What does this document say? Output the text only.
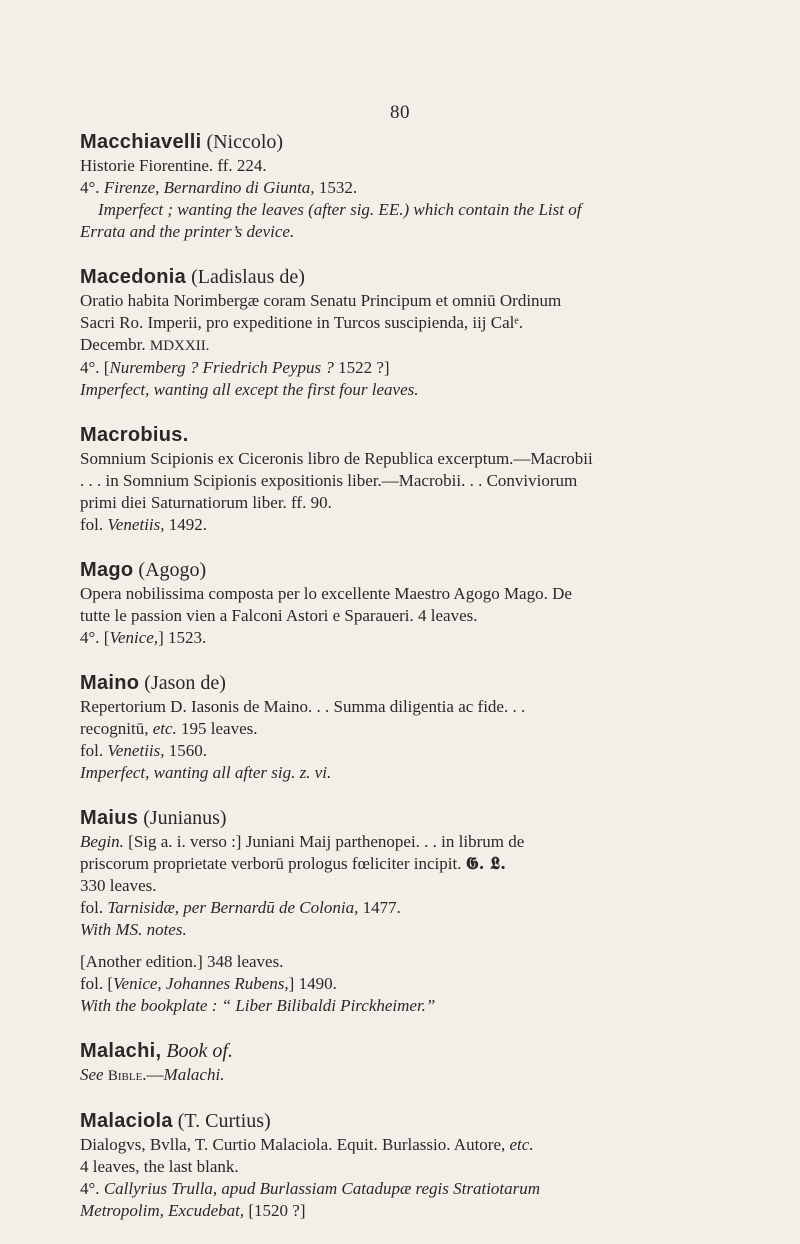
80

Macchiavelli (Niccolo)

Historie Fiorentine. ff. 224.

4°. Firenze, Bernardino di Giunta, 1532.

Imperfect ; wanting the leaves (after sig. EE.) which contain the List of

Errata and the printer’s device.

Macedonia (Ladislaus de)

Oratio habita Norimbergæ coram Senatu Principum et omniū Ordinum

Sacri Ro. Imperii, pro expeditione in Turcos suscipienda, iij Calᵉ.

Decembr. MDXXII.

4°. [Nuremberg ? Friedrich Peypus ? 1522 ?]

Imperfect, wanting all except the first four leaves.

Macrobius.

Somnium Scipionis ex Ciceronis libro de Republica excerptum.—Macrobii

. . . in Somnium Scipionis expositionis liber.—Macrobii. . . Conviviorum

primi diei Saturnatiorum liber. ff. 90.

fol. Venetiis, 1492.

Mago (Agogo)

Opera nobilissima composta per lo excellente Maestro Agogo Mago. De

tutte le passion vien a Falconi Astori e Sparaueri. 4 leaves.

4°. [Venice,] 1523.

Maino (Jason de)

Repertorium D. Iasonis de Maino. . . Summa diligentia ac fide. . .

recognitū, etc. 195 leaves.

fol. Venetiis, 1560.

Imperfect, wanting all after sig. z. vi.

Maius (Junianus)

Begin. [Sig a. i. verso :] Juniani Maij parthenopei. . . in librum de

priscorum proprietate verborū prologus fœliciter incipit. 𝕲. 𝕷.

330 leaves.

fol. Tarnisidæ, per Bernardū de Colonia, 1477.

With MS. notes.

[Another edition.] 348 leaves.

fol. [Venice, Johannes Rubens,] 1490.

With the bookplate : “ Liber Bilibaldi Pirckheimer.”

Malachi, Book of.

See Bible.—Malachi.

Malaciola (T. Curtius)

Dialogvs, Bvlla, T. Curtio Malaciola. Equit. Burlassio. Autore, etc.

4 leaves, the last blank.

4°. Callyrius Trulla, apud Burlassiam Catadupæ regis Stratiotarum

Metropolim, Excudebat, [1520 ?]
